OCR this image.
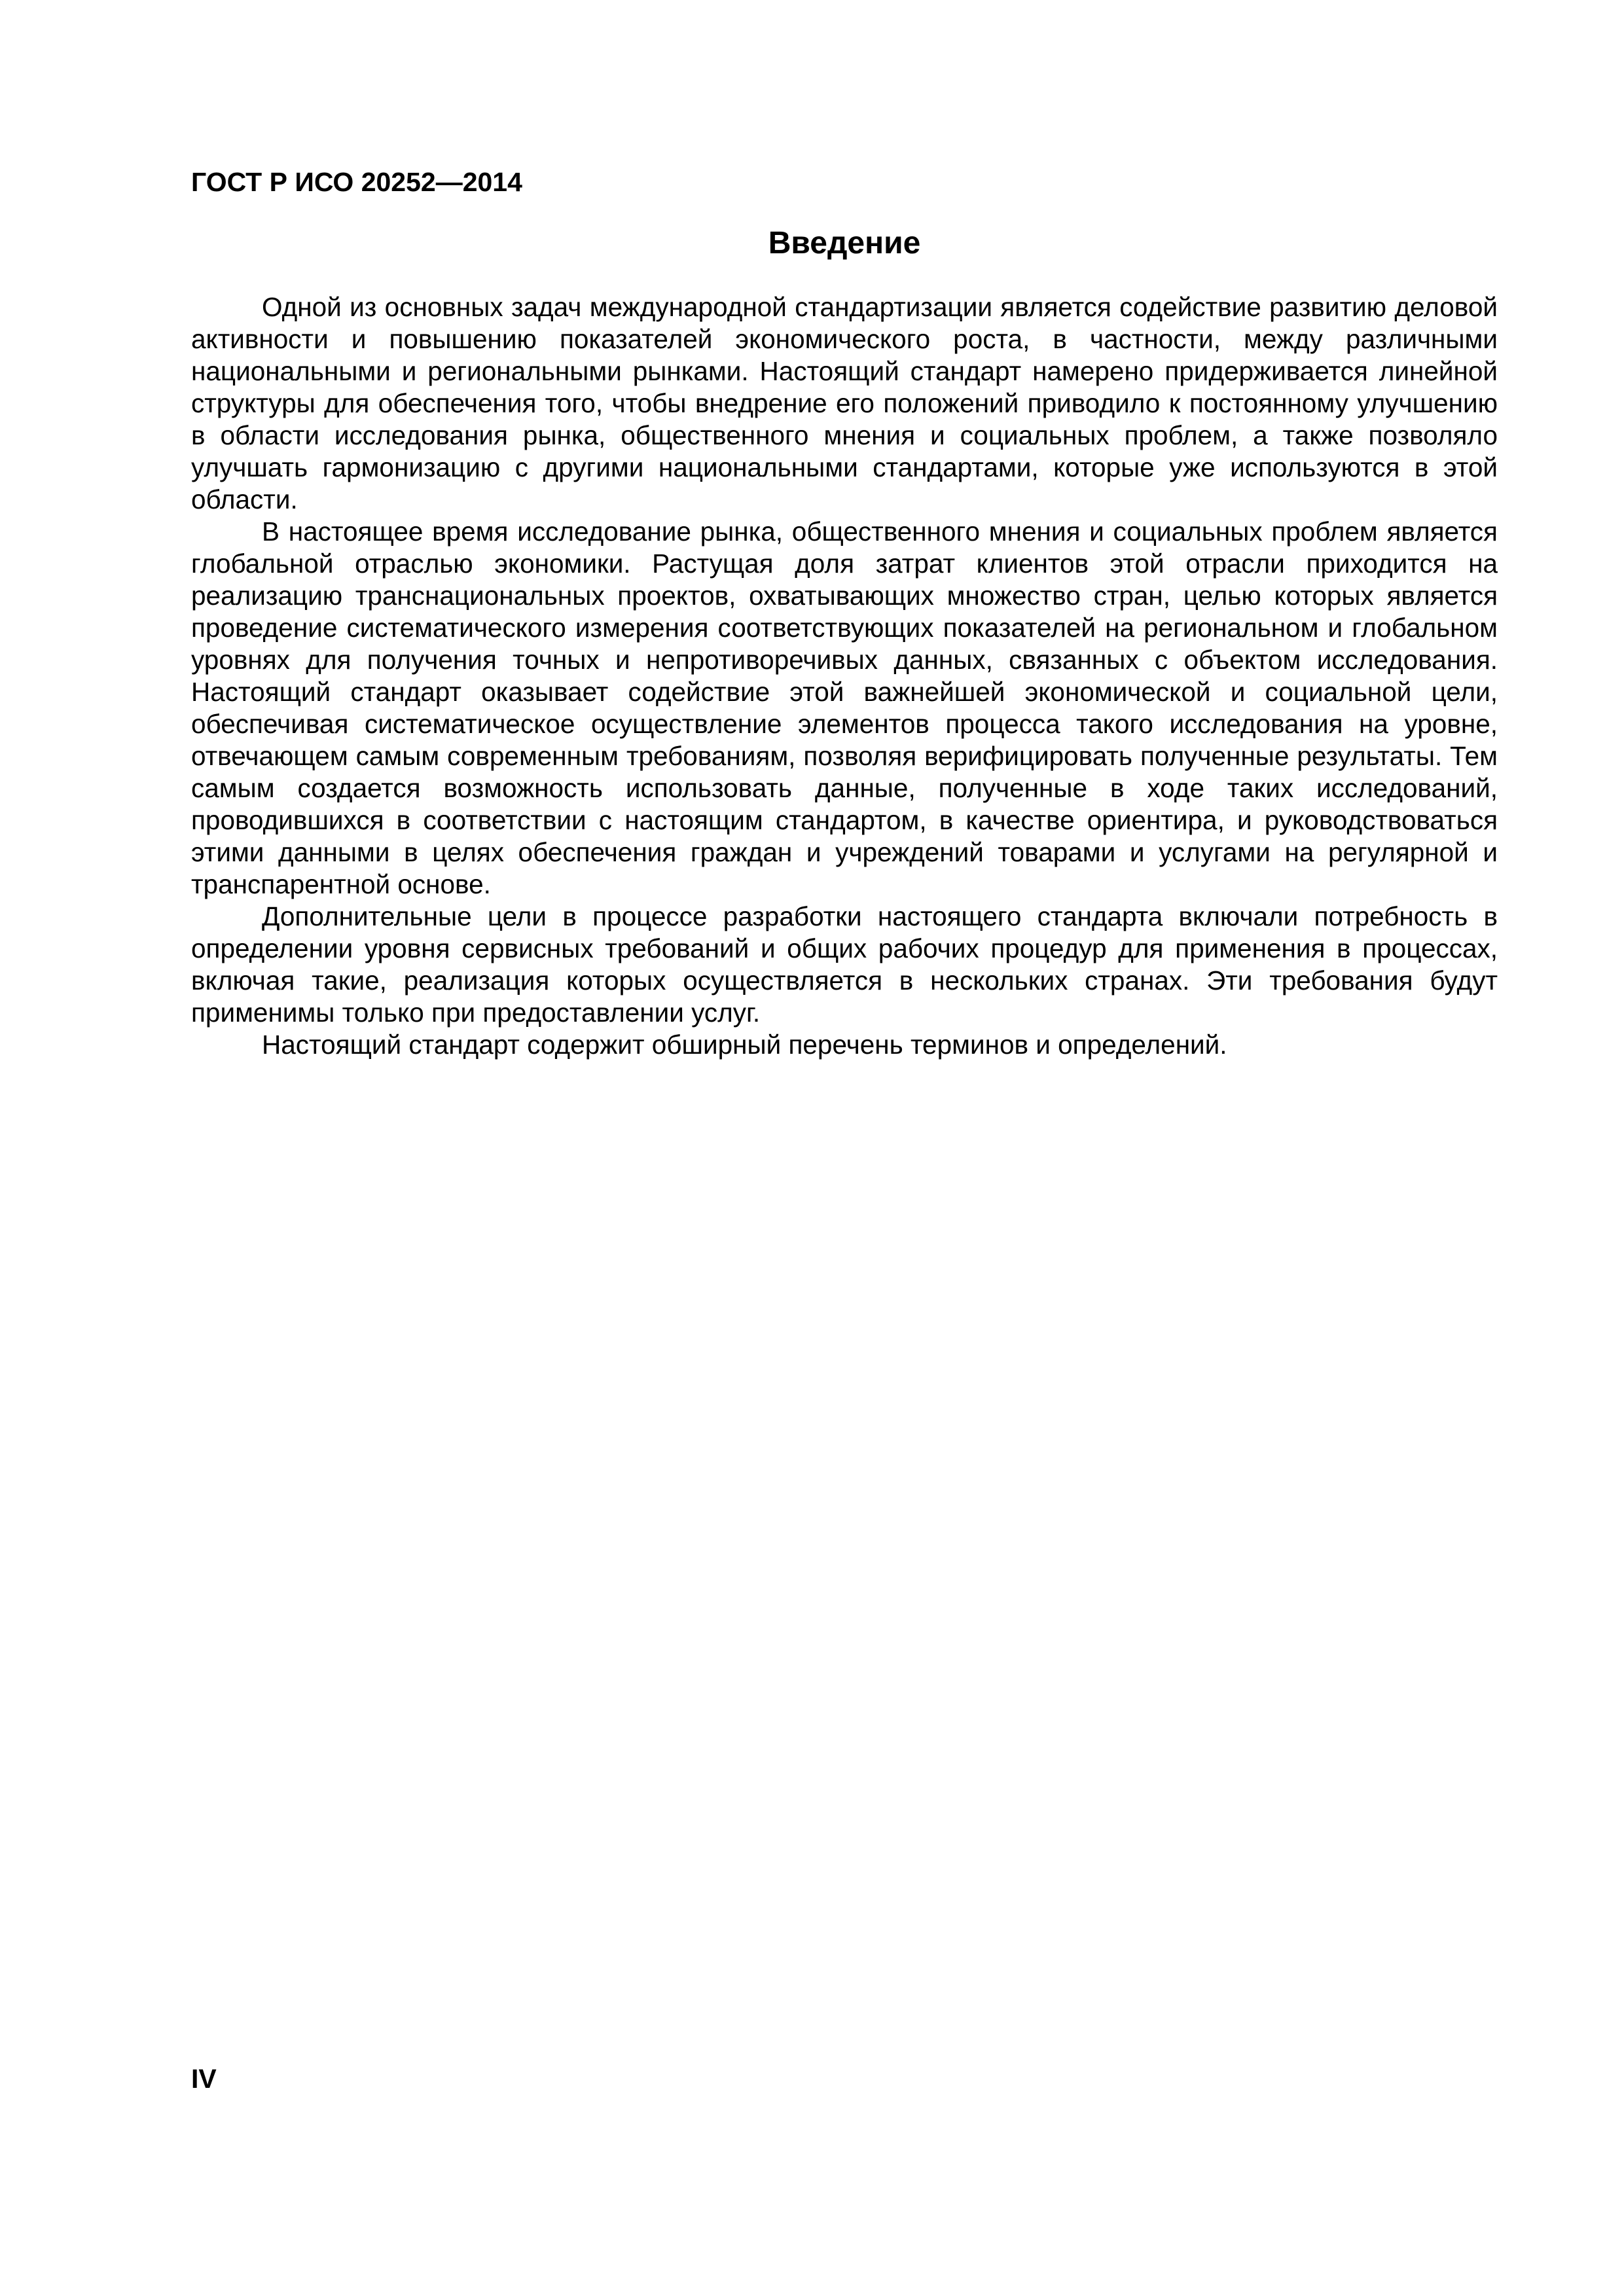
ГОСТ Р ИСО 20252—2014
Введение

Одной из основных задач международной стандартизации является содействие развитию деловой активности и повышению показателей экономического роста, в частности, между различными национальными и региональными рынками. Настоящий стандарт намерено придерживается линейной структуры для обеспечения того, чтобы внедрение его положений приводило к постоянному улучшению в области исследования рынка, общественного мнения и социальных проблем, а также позволяло улучшать гармонизацию с другими национальными стандартами, которые уже используются в этой области.

В настоящее время исследование рынка, общественного мнения и социальных проблем является глобальной отраслью экономики. Растущая доля затрат клиентов этой отрасли приходится на реализацию транснациональных проектов, охватывающих множество стран, целью которых является проведение систематического измерения соответствующих показателей на региональном и глобальном уровнях для получения точных и непротиворечивых данных, связанных с объектом исследования. Настоящий стандарт оказывает содействие этой важнейшей экономической и социальной цели, обеспечивая систематическое осуществление элементов процесса такого исследования на уровне, отвечающем самым современным требованиям, позволяя верифицировать полученные результаты. Тем самым создается возможность использовать данные, полученные в ходе таких исследований, проводившихся в соответствии с настоящим стандартом, в качестве ориентира, и руководствоваться этими данными в целях обеспечения граждан и учреждений товарами и услугами на регулярной и транспарентной основе.

Дополнительные цели в процессе разработки настоящего стандарта включали потребность в определении уровня сервисных требований и общих рабочих процедур для применения в процессах, включая такие, реализация которых осуществляется в нескольких странах. Эти требования будут применимы только при предоставлении услуг.

Настоящий стандарт содержит обширный перечень терминов и определений.

IV
